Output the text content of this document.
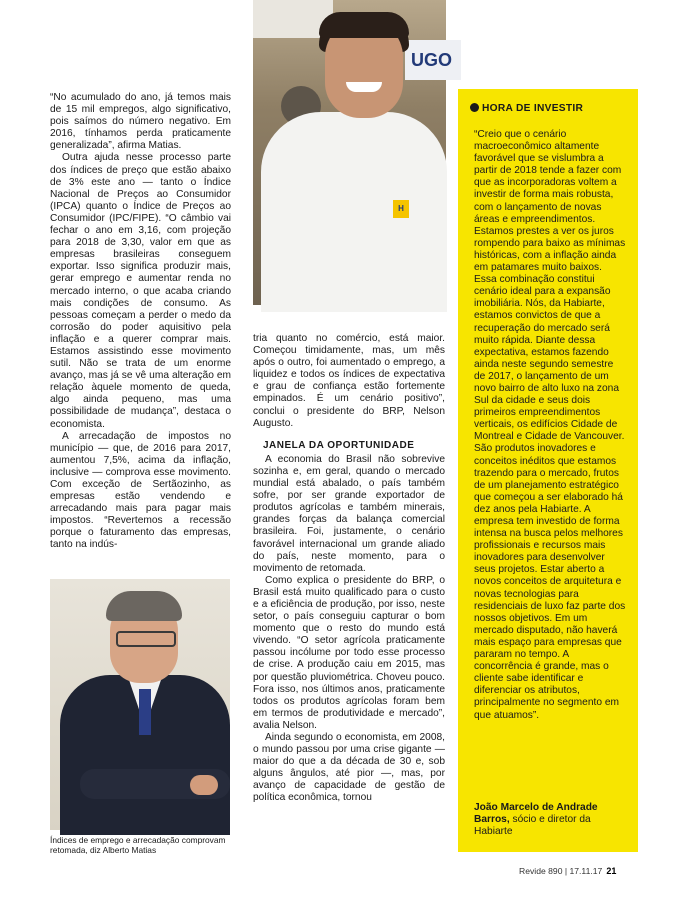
UGO
H

“No acumulado do ano, já temos mais de 15 mil empregos, algo significativo, pois saímos do número negativo. Em 2016, tínhamos perda praticamente generalizada”, afirma Matias.

Outra ajuda nesse processo parte dos índices de preço que estão abaixo de 3% este ano — tanto o Índice Nacional de Preços ao Consumidor (IPCA) quanto o Índice de Preços ao Consumidor (IPC/FIPE). “O câmbio vai fechar o ano em 3,16, com projeção para 2018 de 3,30, valor em que as empresas brasileiras conseguem exportar. Isso significa produzir mais, gerar emprego e aumentar renda no mercado interno, o que acaba criando mais condições de consumo. As pessoas começam a perder o medo da corrosão do poder aquisitivo pela inflação e a querer comprar mais. Estamos assistindo esse movimento sutil. Não se trata de um enorme avanço, mas já se vê uma alteração em relação àquele momento de queda, algo ainda pequeno, mas uma possibilidade de mudança”, destaca o economista.

A arrecadação de impostos no município — que, de 2016 para 2017, aumentou 7,5%, acima da inflação, inclusive — comprova esse movimento. Com exceção de Sertãozinho, as empresas estão vendendo e arrecadando mais para pagar mais impostos. “Revertemos a recessão porque o faturamento das empresas, tanto na indús-

Índices de emprego e arrecadação comprovam retomada, diz Alberto Matias

tria quanto no comércio, está maior. Começou timidamente, mas, um mês após o outro, foi aumentado o emprego, a liquidez e todos os índices de expectativa e grau de confiança estão fortemente empinados. É um cenário positivo”, conclui o presidente do BRP, Nelson Augusto.

JANELA DA OPORTUNIDADE

A economia do Brasil não sobrevive sozinha e, em geral, quando o mercado mundial está abalado, o país também sofre, por ser grande exportador de produtos agrícolas e também minerais, grandes forças da balança comercial brasileira. Foi, justamente, o cenário favorável internacional um grande aliado do país, neste momento, para o movimento de retomada.

Como explica o presidente do BRP, o Brasil está muito qualificado para o custo e a eficiência de produção, por isso, neste setor, o país conseguiu capturar o bom momento que o resto do mundo está vivendo. “O setor agrícola praticamente passou incólume por todo esse processo de crise. A produção caiu em 2015, mas por questão pluviométrica. Choveu pouco. Fora isso, nos últimos anos, praticamente todos os produtos agrícolas foram bem em termos de produtividade e mercado”, avalia Nelson.

Ainda segundo o economista, em 2008, o mundo passou por uma crise gigante — maior do que a da década de 30 e, sob alguns ângulos, até pior —, mas, por avanço de capacidade de gestão de política econômica, tornou

HORA DE INVESTIR
“Creio que o cenário macroeconômico altamente favorável que se vislumbra a partir de 2018 tende a fazer com que as incorporadoras voltem a investir de forma mais robusta, com o lançamento de novas áreas e empreendimentos. Estamos prestes a ver os juros rompendo para baixo as mínimas históricas, com a inflação ainda em patamares muito baixos. Essa combinação constitui cenário ideal para a expansão imobiliária. Nós, da Habiarte, estamos convictos de que a recuperação do mercado será muito rápida. Diante dessa expectativa, estamos fazendo ainda neste segundo semestre de 2017, o lançamento de um novo bairro de alto luxo na zona Sul da cidade e seus dois primeiros empreendimentos verticais, os edifícios Cidade de Montreal e Cidade de Vancouver. São produtos inovadores e conceitos inéditos que estamos trazendo para o mercado, frutos de um planejamento estratégico que começou a ser elaborado há dez anos pela Habiarte. A empresa tem investido de forma intensa na busca pelos melhores profissionais e recursos mais inovadores para desenvolver seus projetos. Estar aberto a novos conceitos de arquitetura e novas tecnologias para residenciais de luxo faz parte dos nossos objetivos. Em um mercado disputado, não haverá mais espaço para empresas que pararam no tempo. A concorrência é grande, mas o cliente sabe identificar e diferenciar os atributos, principalmente no segmento em que atuamos”.
João Marcelo de Andrade Barros, sócio e diretor da Habiarte
Revide 890 | 17.11.17 21
